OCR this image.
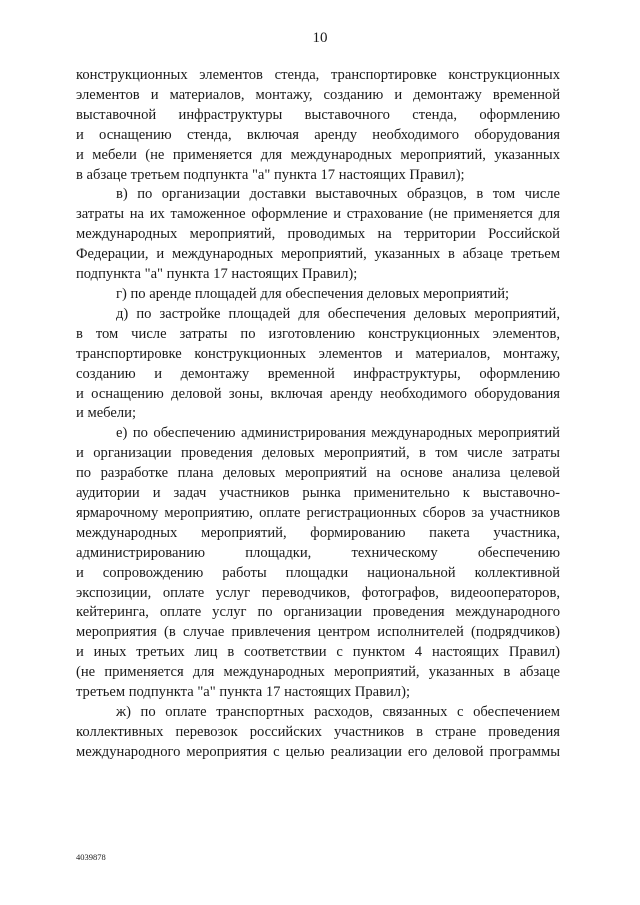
10

конструкционных элементов стенда, транспортировке конструкционных
элементов и материалов, монтажу, созданию и демонтажу временной
выставочной инфраструктуры выставочного стенда, оформлению
и оснащению стенда, включая аренду необходимого оборудования
и мебели (не применяется для международных мероприятий, указанных
в абзаце третьем подпункта "а" пункта 17 настоящих Правил);

в) по организации доставки выставочных образцов, в том числе
затраты на их таможенное оформление и страхование (не применяется для
международных мероприятий, проводимых на территории Российской
Федерации, и международных мероприятий, указанных в абзаце третьем
подпункта "а" пункта 17 настоящих Правил);

г) по аренде площадей для обеспечения деловых мероприятий;

д) по застройке площадей для обеспечения деловых мероприятий,
в том числе затраты по изготовлению конструкционных элементов,
транспортировке конструкционных элементов и материалов, монтажу,
созданию и демонтажу временной инфраструктуры, оформлению
и оснащению деловой зоны, включая аренду необходимого оборудования
и мебели;

е) по обеспечению администрирования международных мероприятий
и организации проведения деловых мероприятий, в том числе затраты
по разработке плана деловых мероприятий на основе анализа целевой
аудитории и задач участников рынка применительно к выставочно-
ярмарочному мероприятию, оплате регистрационных сборов за участников
международных мероприятий, формированию пакета участника,
администрированию площадки, техническому обеспечению
и сопровождению работы площадки национальной коллективной
экспозиции, оплате услуг переводчиков, фотографов, видеооператоров,
кейтеринга, оплате услуг по организации проведения международного
мероприятия (в случае привлечения центром исполнителей (подрядчиков)
и иных третьих лиц в соответствии с пунктом 4 настоящих Правил)
(не применяется для международных мероприятий, указанных в абзаце
третьем подпункта "а" пункта 17 настоящих Правил);

ж) по оплате транспортных расходов, связанных с обеспечением
коллективных перевозок российских участников в стране проведения
международного мероприятия с целью реализации его деловой программы

4039878
